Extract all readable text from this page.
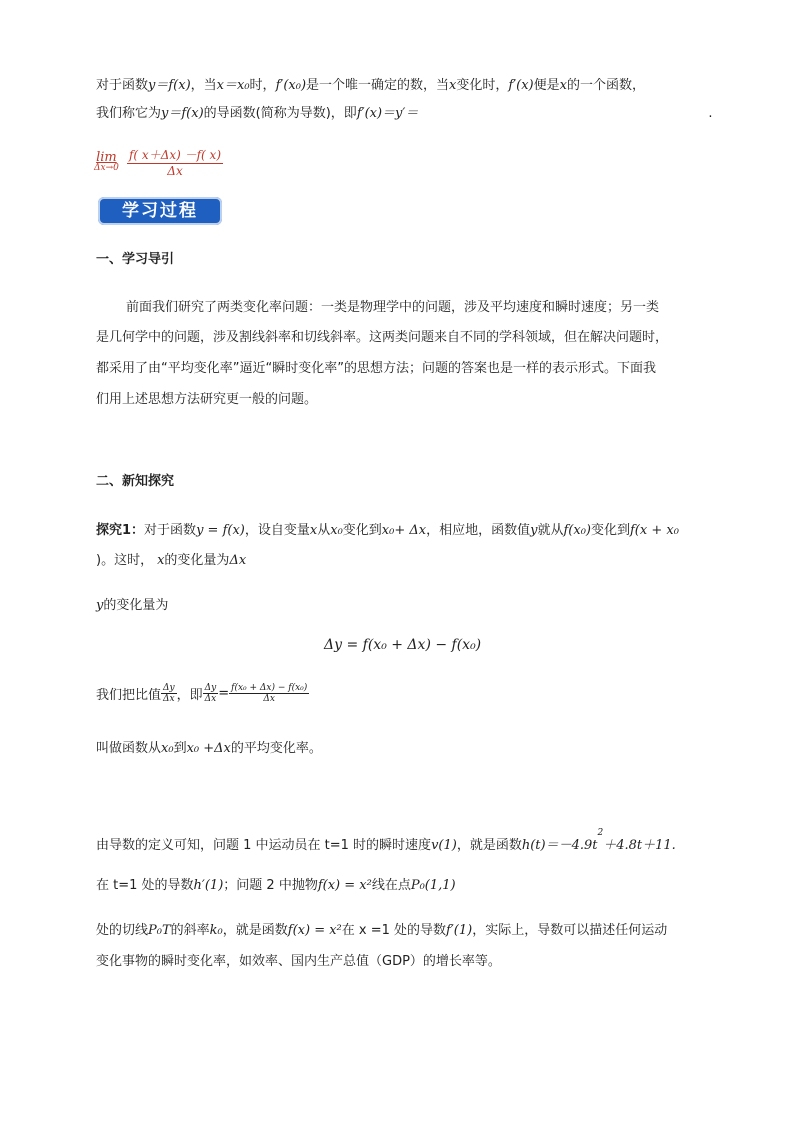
对于函数y＝f(x)，当x＝x₀时，f′(x₀)是一个唯一确定的数，当x变化时，f′(x)便是x的一个函数，
我们称它为y＝f(x)的导函数(简称为导数)，即f′(x)＝y′＝	.
lim
Δx→0
$\frac{f( x+\Delta x) -f( x)}{\Delta x}$
学习过程
一、学习导引
前面我们研究了两类变化率问题：一类是物理学中的问题，涉及平均速度和瞬时速度；另一类
是几何学中的问题，涉及割线斜率和切线斜率。这两类问题来自不同的学科领域，但在解决问题时，
都采用了由“平均变化率”逼近“瞬时变化率”的思想方法；问题的答案也是一样的表示形式。下面我
们用上述思想方法研究更一般的问题。
二、新知探究
探究1：对于函数y = f(x)，设自变量x从x₀变化到x₀+ Δx，相应地，函数值y就从f(x₀)变化到f(x + x₀
)。这时， x的变化量为Δx
y的变化量为
Δy = f(x₀ + Δx) − f(x₀)
我们把比值 $\frac{\Delta y}{\Delta x}$ ，即 $\frac{\Delta y}{\Delta x} = \frac{\text{f(x₀ + Δx) − f(x₀)}}{\Delta x}$
叫做函数从x₀到x₀ +Δx的平均变化率。
由导数的定义可知，问题 1 中运动员在 t=1 时的瞬时速度v(1)，就是函数$h(t)=-4.9t^2+4.8t+11$.
在 t=1 处的导数h′(1)；问题 2 中抛物f(x) = x²线在点P₀(1,1)
处的切线P₀T的斜率k₀，就是函数f(x) = x²在 x =1 处的导数f′(1)，实际上，导数可以描述任何运动
变化事物的瞬时变化率，如效率、国内生产总值（GDP）的增长率等。
